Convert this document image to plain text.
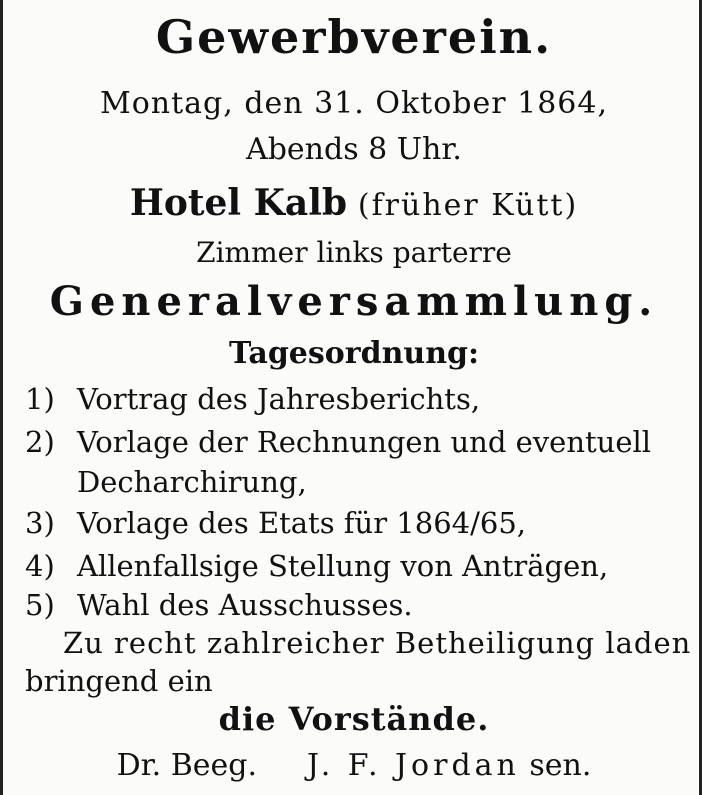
Gewerbverein.
Montag, den 31. Oktober 1864,
Abends 8 Uhr.
Hotel Kalb (früher Kütt)
Zimmer links parterre
Generalversammlung.
Tagesordnung:
1) Vortrag des Jahresberichts,
2) Vorlage der Rechnungen und eventuell
Decharchirung,
3) Vorlage des Etats für 1864/65,
4) Allenfallsige Stellung von Anträgen,
5) Wahl des Ausschusses.
Zu recht zahlreicher Betheiligung laden
bringend ein
die Vorstände.
Dr. Beeg. J. F. Jordan sen.
